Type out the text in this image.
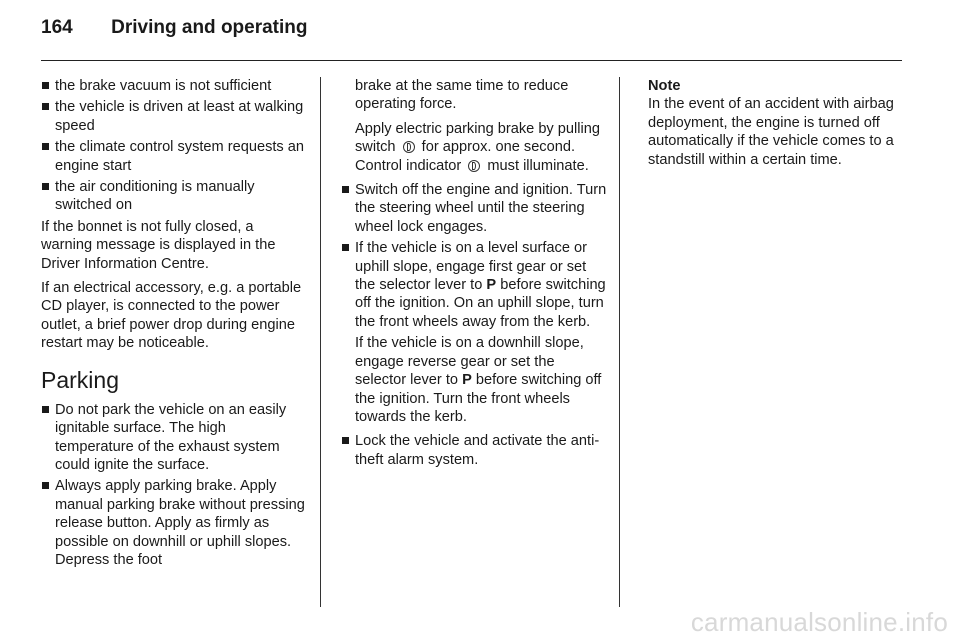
164 Driving and operating
the brake vacuum is not sufficient
the vehicle is driven at least at walking speed
the climate control system requests an engine start
the air conditioning is manually switched on

If the bonnet is not fully closed, a warning message is displayed in the Driver Information Centre.

If an electrical accessory, e.g. a portable CD player, is connected to the power outlet, a brief power drop during engine restart may be noticeable.

Parking
Do not park the vehicle on an easily ignitable surface. The high temperature of the exhaust system could ignite the surface.
Always apply parking brake. Apply manual parking brake without pressing release button. Apply as firmly as possible on downhill or uphill slopes. Depress the foot

brake at the same time to reduce operating force.

Apply electric parking brake by pulling switch for approx. one second. Control indicator must illuminate.

Switch off the engine and ignition. Turn the steering wheel until the steering wheel lock engages.
If the vehicle is on a level surface or uphill slope, engage first gear or set the selector lever to P before switching off the ignition. On an uphill slope, turn the front wheels away from the kerb.

If the vehicle is on a downhill slope, engage reverse gear or set the selector lever to P before switching off the ignition. Turn the front wheels towards the kerb.

Lock the vehicle and activate the anti-theft alarm system.
Note
In the event of an accident with airbag deployment, the engine is turned off automatically if the vehicle comes to a standstill within a certain time.
carmanualsonline.info
